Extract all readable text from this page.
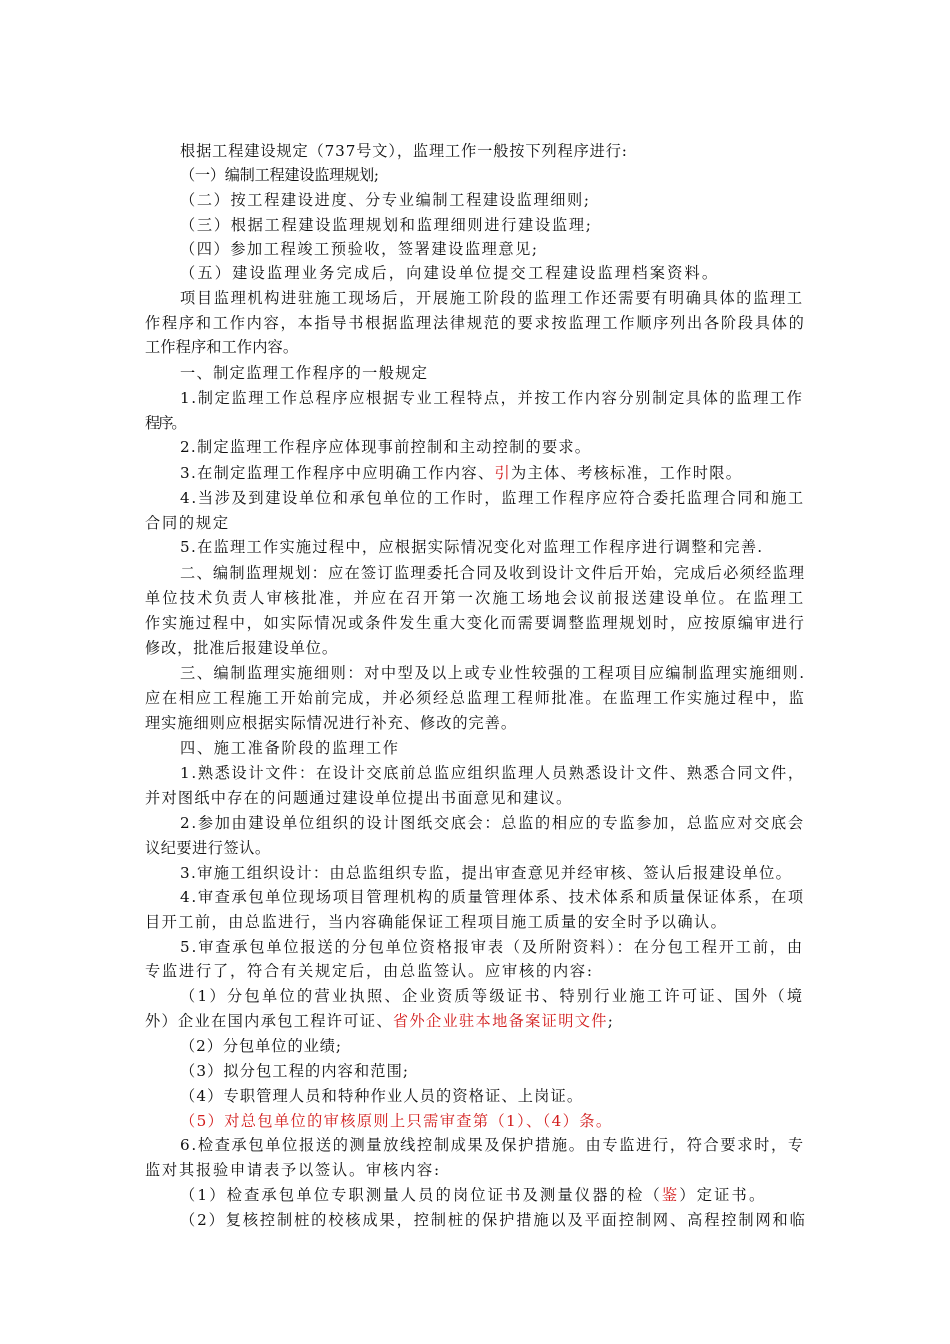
根据工程建设规定（737号文），监理工作一般按下列程序进行:
（一）编制工程建设监理规划;
（二）按工程建设进度、分专业编制工程建设监理细则;
（三）根据工程建设监理规划和监理细则进行建设监理;
（四）参加工程竣工预验收，签署建设监理意见;
（五）建设监理业务完成后，向建设单位提交工程建设监理档案资料。
项目监理机构进驻施工现场后，开展施工阶段的监理工作还需要有明确具体的监理工
作程序和工作内容，本指导书根据监理法律规范的要求按监理工作顺序列出各阶段具体的
工作程序和工作内容。
一、制定监理工作程序的一般规定
1.制定监理工作总程序应根据专业工程特点，并按工作内容分别制定具体的监理工作
程序。
2.制定监理工作程序应体现事前控制和主动控制的要求。
3.在制定监理工作程序中应明确工作内容、引为主体、考核标准，工作时限。
4.当涉及到建设单位和承包单位的工作时，监理工作程序应符合委托监理合同和施工
合同的规定
5.在监理工作实施过程中，应根据实际情况变化对监理工作程序进行调整和完善.
二、编制监理规划：应在签订监理委托合同及收到设计文件后开始，完成后必须经监理
单位技术负责人审核批准，并应在召开第一次施工场地会议前报送建设单位。在监理工
作实施过程中，如实际情况或条件发生重大变化而需要调整监理规划时，应按原编审进行
修改，批准后报建设单位。
三、编制监理实施细则：对中型及以上或专业性较强的工程项目应编制监理实施细则.
应在相应工程施工开始前完成，并必须经总监理工程师批准。在监理工作实施过程中，监
理实施细则应根据实际情况进行补充、修改的完善。
四、施工准备阶段的监理工作
1.熟悉设计文件：在设计交底前总监应组织监理人员熟悉设计文件、熟悉合同文件，
并对图纸中存在的问题通过建设单位提出书面意见和建议。
2.参加由建设单位组织的设计图纸交底会：总监的相应的专监参加，总监应对交底会
议纪要进行签认。
3.审施工组织设计：由总监组织专监，提出审查意见并经审核、签认后报建设单位。
4.审查承包单位现场项目管理机构的质量管理体系、技术体系和质量保证体系，在项
目开工前，由总监进行，当内容确能保证工程项目施工质量的安全时予以确认。
5.审查承包单位报送的分包单位资格报审表（及所附资料）：在分包工程开工前，由
专监进行了，符合有关规定后，由总监签认。应审核的内容:
（1）分包单位的营业执照、企业资质等级证书、特别行业施工许可证、国外（境
外）企业在国内承包工程许可证、省外企业驻本地备案证明文件;
（2）分包单位的业绩;
（3）拟分包工程的内容和范围;
（4）专职管理人员和特种作业人员的资格证、上岗证。
（5）对总包单位的审核原则上只需审查第（1）、（4）条。
6.检查承包单位报送的测量放线控制成果及保护措施。由专监进行，符合要求时，专
监对其报验申请表予以签认。审核内容:
（1）检查承包单位专职测量人员的岗位证书及测量仪器的检（鉴）定证书。
（2）复核控制桩的校核成果，控制桩的保护措施以及平面控制网、高程控制网和临
